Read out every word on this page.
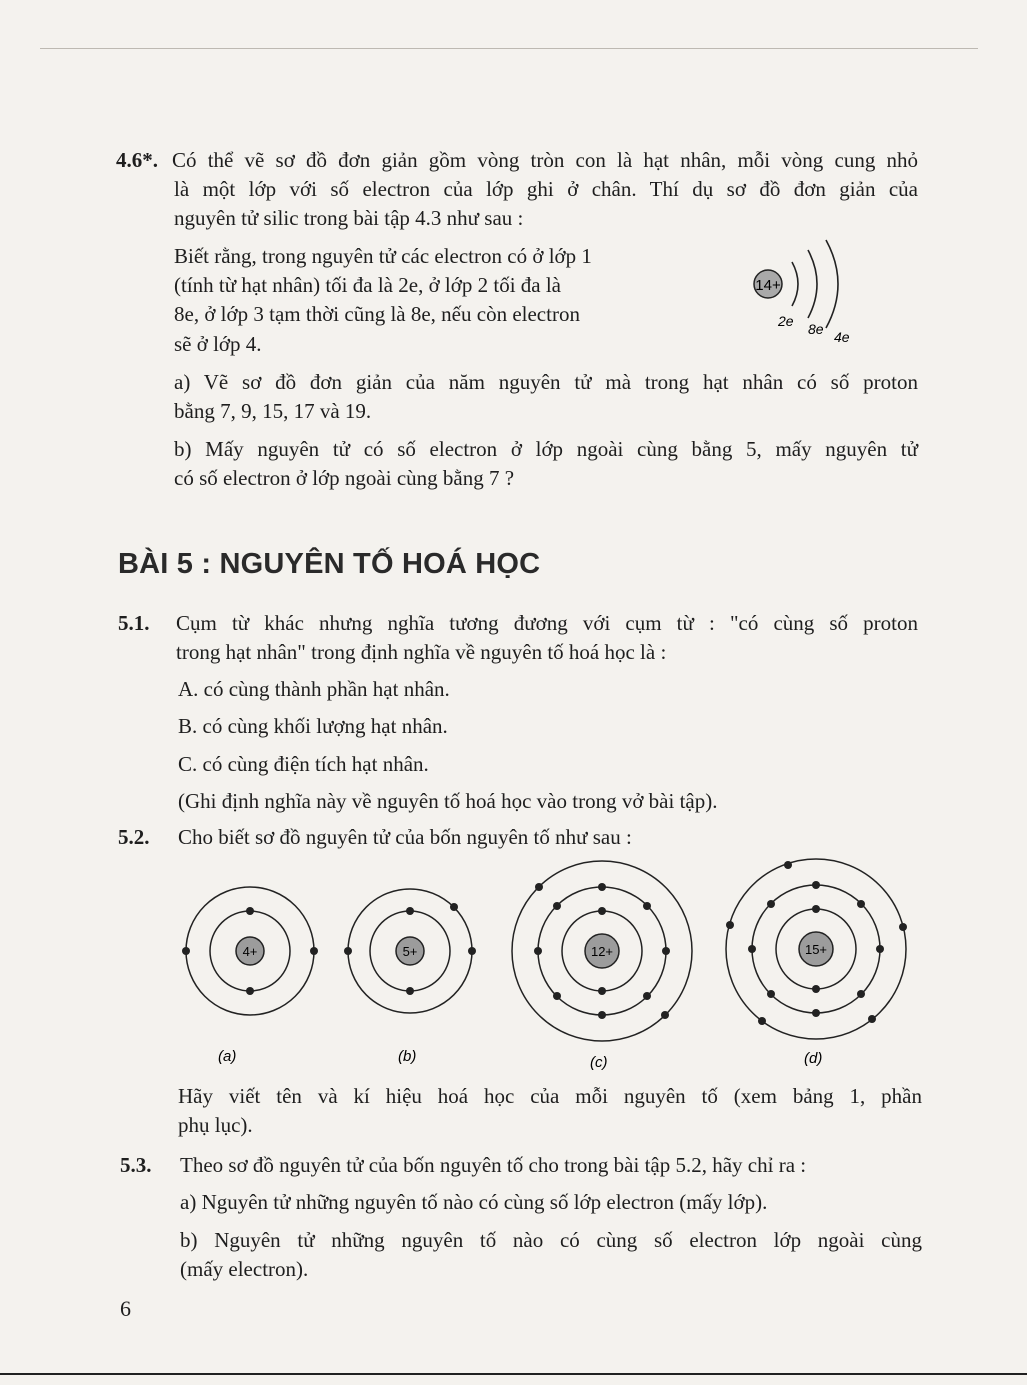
4.6*. Có thể vẽ sơ đồ đơn giản gồm vòng tròn con là hạt nhân, mỗi vòng cung nhỏ
là một lớp với số electron của lớp ghi ở chân. Thí dụ sơ đồ đơn giản của
nguyên tử silic trong bài tập 4.3 như sau :
Biết rằng, trong nguyên tử các electron có ở lớp 1
(tính từ hạt nhân) tối đa là 2e, ở lớp 2 tối đa là
8e, ở lớp 3 tạm thời cũng là 8e, nếu còn electron
sẽ ở lớp 4.
14+
2e 8e 4e
a) Vẽ sơ đồ đơn giản của năm nguyên tử mà trong hạt nhân có số proton
bằng 7, 9, 15, 17 và 19.
b) Mấy nguyên tử có số electron ở lớp ngoài cùng bằng 5, mấy nguyên tử
có số electron ở lớp ngoài cùng bằng 7 ?
BÀI 5 : NGUYÊN TỐ HOÁ HỌC
5.1. Cụm từ khác nhưng nghĩa tương đương với cụm từ : "có cùng số proton
trong hạt nhân" trong định nghĩa về nguyên tố hoá học là :
A. có cùng thành phần hạt nhân.
B. có cùng khối lượng hạt nhân.
C. có cùng điện tích hạt nhân.
(Ghi định nghĩa này về nguyên tố hoá học vào trong vở bài tập).
5.2. Cho biết sơ đồ nguyên tử của bốn nguyên tố như sau :
4+
(a)
5+
(b)
12+
(c)
15+
(d)
Hãy viết tên và kí hiệu hoá học của mỗi nguyên tố (xem bảng 1, phần
phụ lục).
5.3. Theo sơ đồ nguyên tử của bốn nguyên tố cho trong bài tập 5.2, hãy chỉ ra :
a) Nguyên tử những nguyên tố nào có cùng số lớp electron (mấy lớp).
b) Nguyên tử những nguyên tố nào có cùng số electron lớp ngoài cùng
(mấy electron).
6
